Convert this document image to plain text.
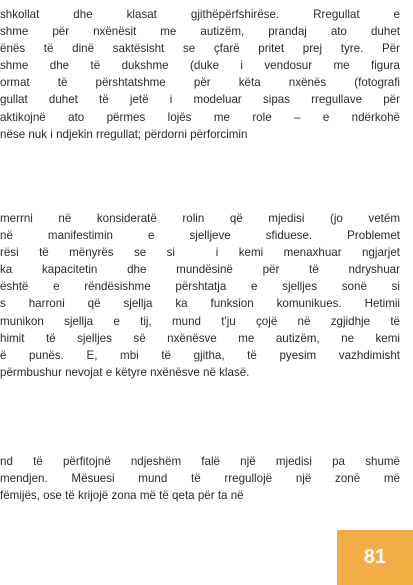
shkollat dhe klasat gjithëpërfshirëse. Rregullat e
shme për nxënësit me autizëm, prandaj ato duhet
ënës të dinë saktësisht se çfarë pritet prej tyre. Për
shme dhe të dukshme (duke i vendosur me figura
ormat të përshtatshme për këta nxënës (fotografi
gullat duhet të jetë i modeluar sipas rregullave për
aktikojnë ato përmes lojës me role – e ndërkohë
nëse nuk i ndjekin rregullat; përdorni përforcimin
merrni në konsideratë rolin që mjedisi (jo vetëm
në manifestimin e sjelljeve sfiduese. Problemet
rësi të mënyrës se si  i kemi menaxhuar ngjarjet
ka kapacitetin dhe mundësinë për të ndryshuar
është e rëndësishme përshtatja e sjelljes sonë si
s harroni që sjellja ka funksion komunikues. Hetimii
munikon sjellja e tij, mund t'ju çojë në zgjidhje të
himit të sjelljes së nxënësve me autizëm, ne kemi
ë punës. E, mbi të gjitha, të pyesim vazhdimisht
përmbushur nevojat e këtyre nxënësve në klasë.
nd të përfitojnë ndjeshëm falë një mjedisi pa shumë
mendjen. Mësuesi mund të rregullojë një zonë më
fëmijës, ose të krijojë zona më të qeta për ta në
81
